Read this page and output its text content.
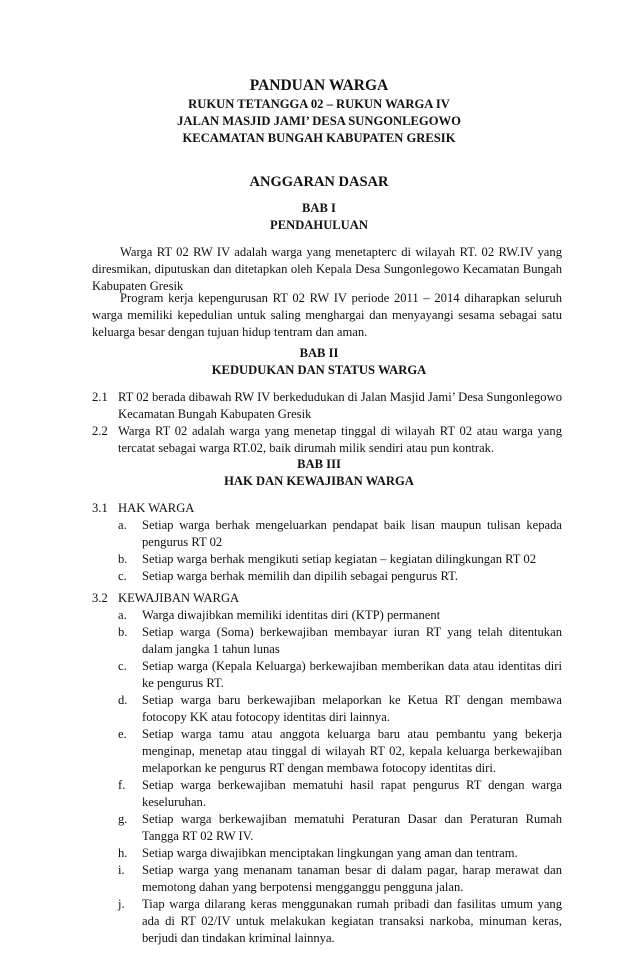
PANDUAN WARGA
RUKUN TETANGGA 02 – RUKUN WARGA IV
JALAN MASJID JAMI’ DESA SUNGONLEGOWO
KECAMATAN BUNGAH KABUPATEN GRESIK
ANGGARAN DASAR
BAB I
PENDAHULUAN
Warga RT 02 RW IV adalah warga yang menetapterc di wilayah RT. 02 RW.IV yang diresmikan, diputuskan dan ditetapkan oleh Kepala Desa Sungonlegowo Kecamatan Bungah Kabupaten Gresik
Program kerja kepengurusan RT 02 RW IV periode 2011 – 2014 diharapkan seluruh warga memiliki kepedulian untuk saling menghargai dan menyayangi sesama sebagai satu keluarga besar dengan tujuan hidup tentram dan aman.
BAB II
KEDUDUKAN DAN STATUS WARGA
2.1 RT 02 berada dibawah RW IV berkedudukan di Jalan Masjid Jami’ Desa Sungonlegowo Kecamatan Bungah Kabupaten Gresik
2.2 Warga RT 02 adalah warga yang menetap tinggal di wilayah RT 02 atau warga yang tercatat sebagai warga RT.02, baik dirumah milik sendiri atau pun kontrak.
BAB III
HAK DAN KEWAJIBAN WARGA
3.1 HAK WARGA
a. Setiap warga berhak mengeluarkan pendapat baik lisan maupun tulisan kepada pengurus RT 02
b. Setiap warga berhak mengikuti setiap kegiatan – kegiatan dilingkungan RT 02
c. Setiap warga berhak memilih dan dipilih sebagai pengurus RT.
3.2 KEWAJIBAN WARGA
a. Warga diwajibkan memiliki identitas diri (KTP) permanent
b. Setiap warga (Soma) berkewajiban membayar iuran RT yang telah ditentukan dalam jangka 1 tahun lunas
c. Setiap warga (Kepala Keluarga) berkewajiban memberikan data atau identitas diri ke pengurus RT.
d. Setiap warga baru berkewajiban melaporkan ke Ketua RT dengan membawa fotocopy KK atau fotocopy identitas diri lainnya.
e. Setiap warga tamu atau anggota keluarga baru atau pembantu yang bekerja menginap, menetap atau tinggal di wilayah RT 02, kepala keluarga berkewajiban melaporkan ke pengurus RT dengan membawa fotocopy identitas diri.
f. Setiap warga berkewajiban mematuhi hasil rapat pengurus RT dengan warga keseluruhan.
g. Setiap warga berkewajiban mematuhi Peraturan Dasar dan Peraturan Rumah Tangga RT 02 RW IV.
h. Setiap warga diwajibkan menciptakan lingkungan yang aman dan tentram.
i. Setiap warga yang menanam tanaman besar di dalam pagar, harap merawat dan memotong dahan yang berpotensi mengganggu pengguna jalan.
j. Tiap warga dilarang keras menggunakan rumah pribadi dan fasilitas umum yang ada di RT 02/IV untuk melakukan kegiatan transaksi narkoba, minuman keras, berjudi dan tindakan kriminal lainnya.
